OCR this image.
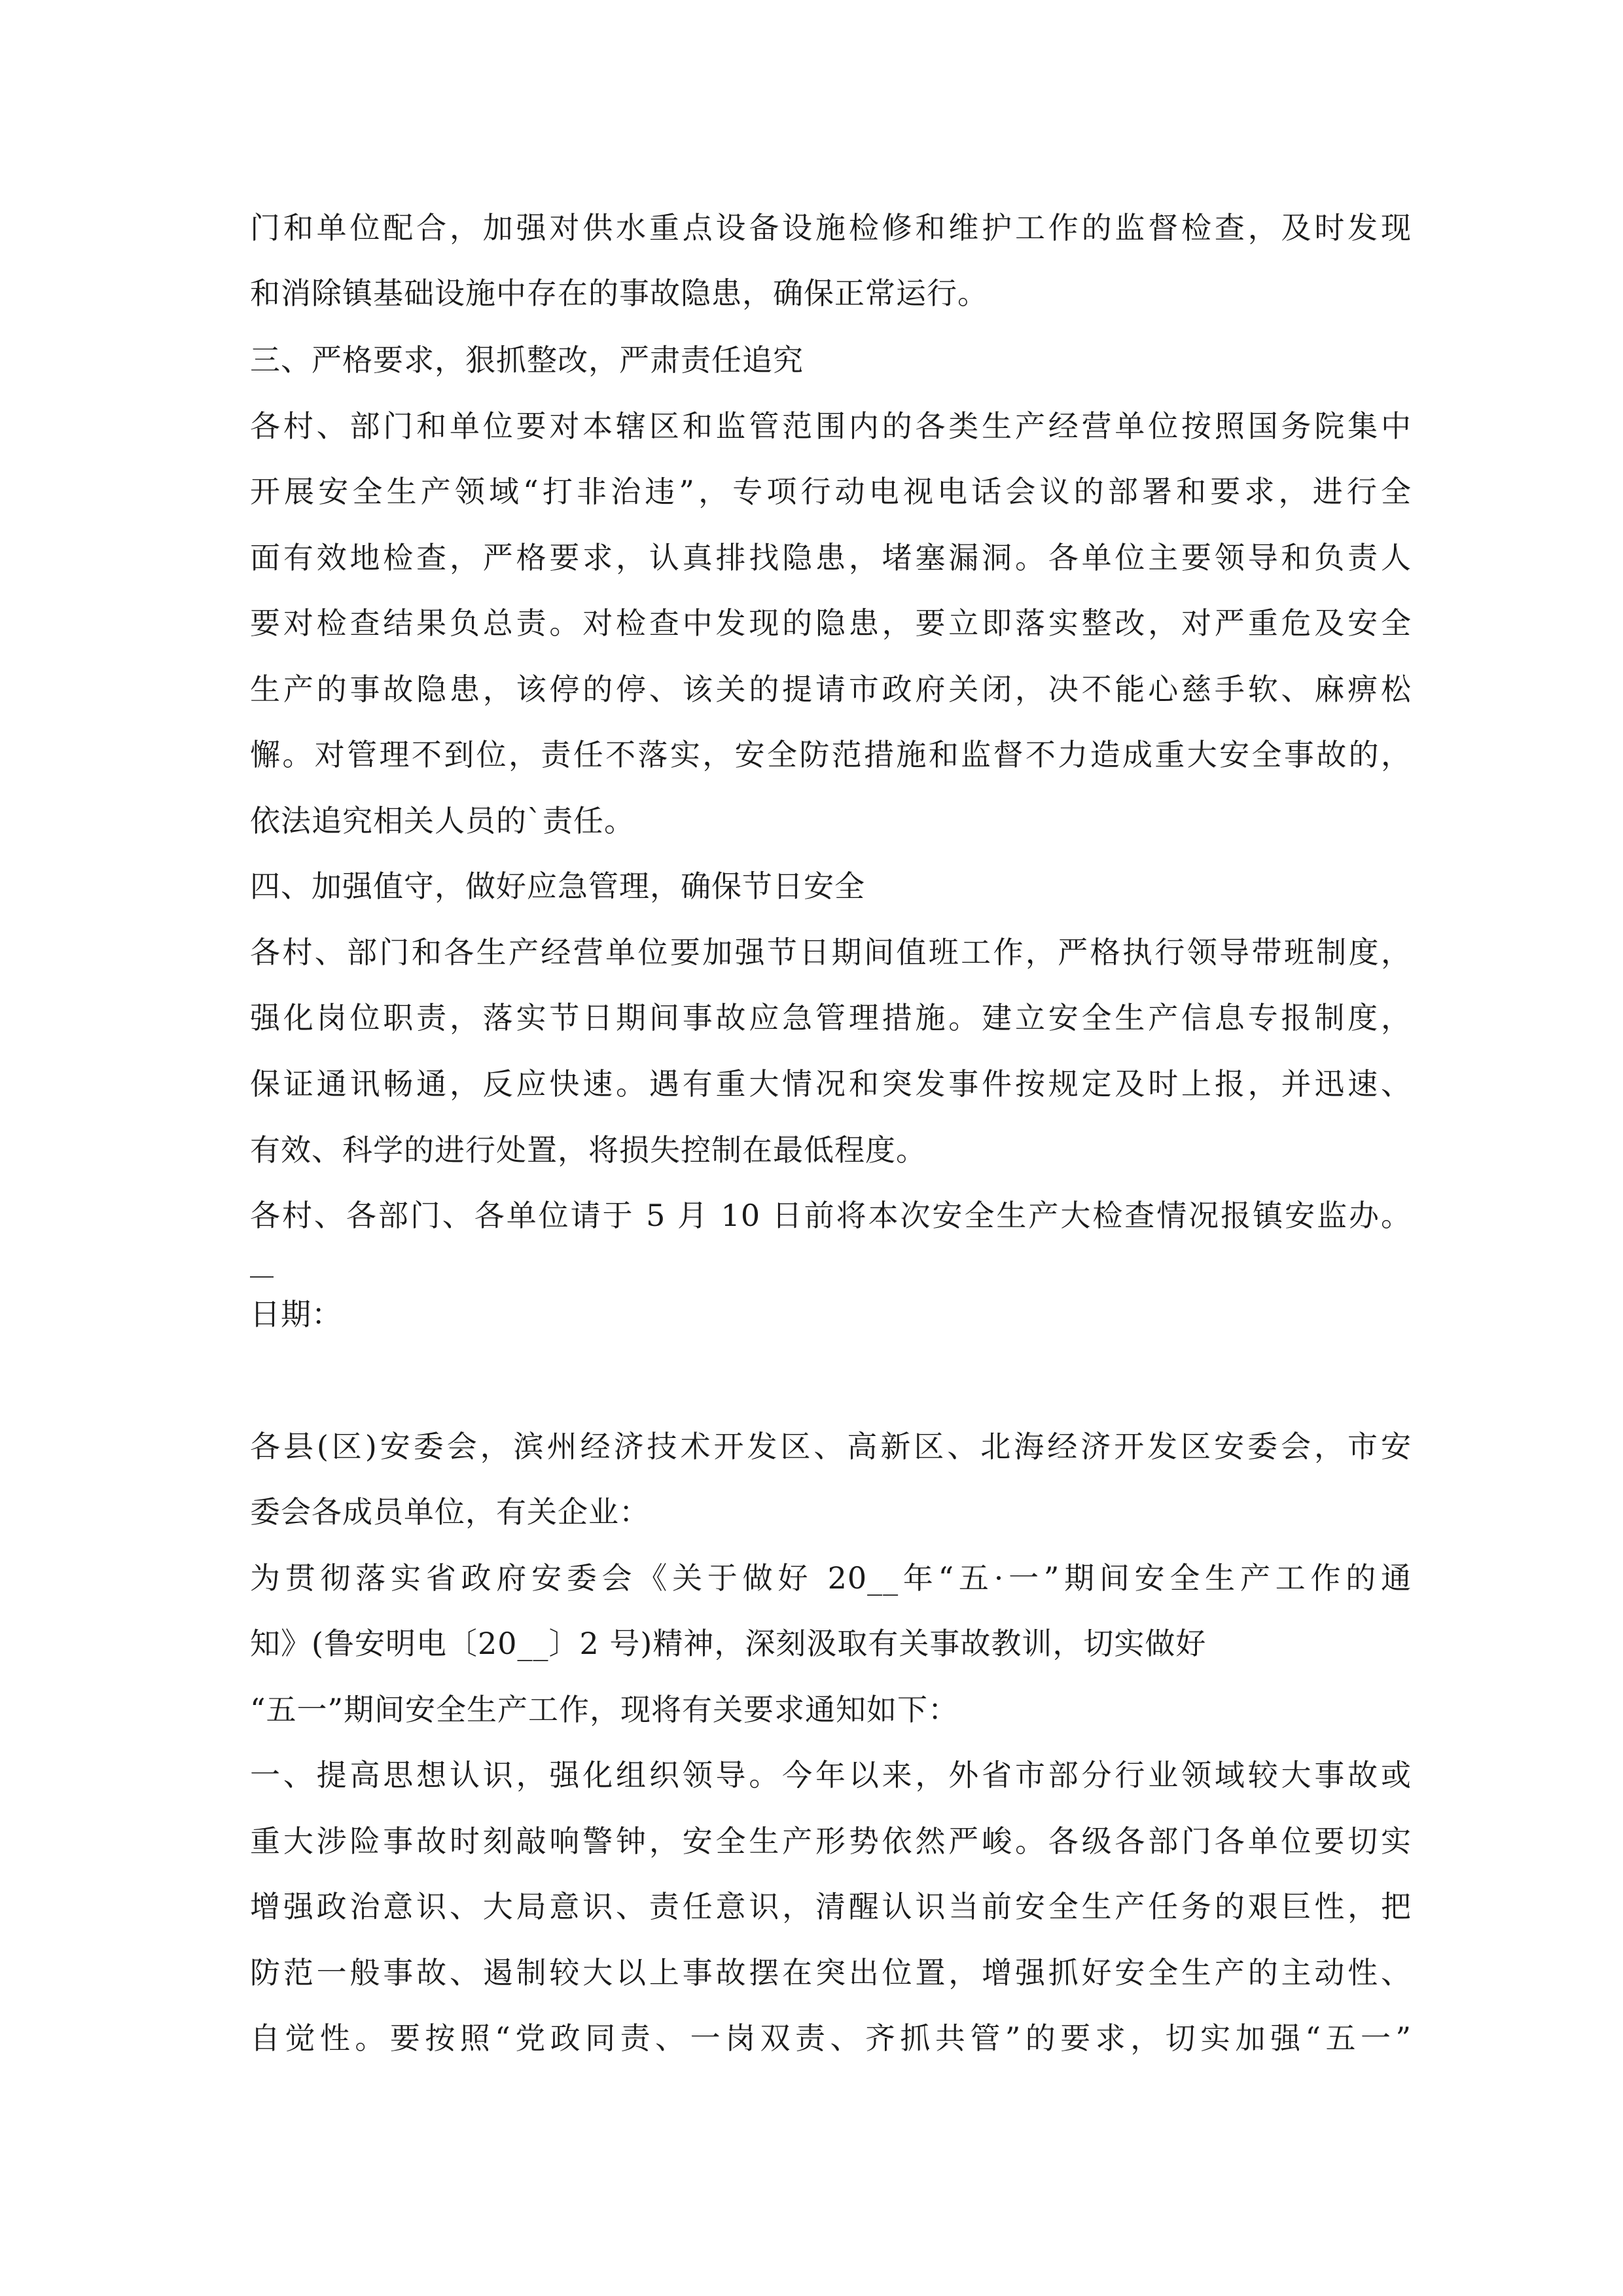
门和单位配合，加强对供水重点设备设施检修和维护工作的监督检查，及时发现
和消除镇基础设施中存在的事故隐患，确保正常运行。
三、严格要求，狠抓整改，严肃责任追究
各村、部门和单位要对本辖区和监管范围内的各类生产经营单位按照国务院集中
开展安全生产领域“打非治违”，专项行动电视电话会议的部署和要求，进行全
面有效地检查，严格要求，认真排找隐患，堵塞漏洞。各单位主要领导和负责人
要对检查结果负总责。对检查中发现的隐患，要立即落实整改，对严重危及安全
生产的事故隐患，该停的停、该关的提请市政府关闭，决不能心慈手软、麻痹松
懈。对管理不到位，责任不落实，安全防范措施和监督不力造成重大安全事故的，
依法追究相关人员的`责任。
四、加强值守，做好应急管理，确保节日安全
各村、部门和各生产经营单位要加强节日期间值班工作，严格执行领导带班制度，
强化岗位职责，落实节日期间事故应急管理措施。建立安全生产信息专报制度，
保证通讯畅通，反应快速。遇有重大情况和突发事件按规定及时上报，并迅速、
有效、科学的进行处置，将损失控制在最低程度。
各村、各部门、各单位请于 5 月 10 日前将本次安全生产大检查情况报镇安监办。
日期：
各县(区)安委会，滨州经济技术开发区、高新区、北海经济开发区安委会，市安
委会各成员单位，有关企业：
为贯彻落实省政府安委会《关于做好 20__年“五·一”期间安全生产工作的通
知》(鲁安明电〔20__〕2 号)精神，深刻汲取有关事故教训，切实做好
“五一”期间安全生产工作，现将有关要求通知如下：
一、提高思想认识，强化组织领导。今年以来，外省市部分行业领域较大事故或
重大涉险事故时刻敲响警钟，安全生产形势依然严峻。各级各部门各单位要切实
增强政治意识、大局意识、责任意识，清醒认识当前安全生产任务的艰巨性，把
防范一般事故、遏制较大以上事故摆在突出位置，增强抓好安全生产的主动性、
自觉性。要按照“党政同责、一岗双责、齐抓共管”的要求，切实加强“五一”
